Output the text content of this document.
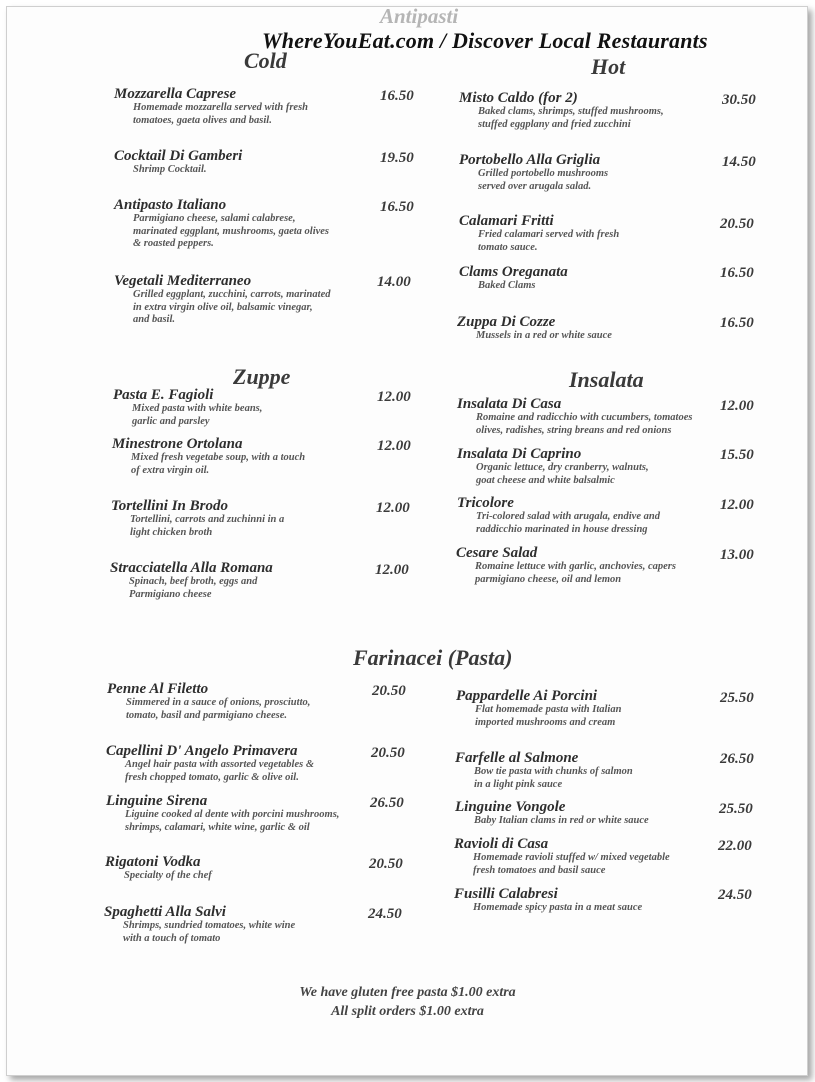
Antipasti
WhereYouEat.com / Discover Local Restaurants
Cold	Hot
Zuppe	Insalata
Farinacei (Pasta)
Mozzarella Caprese
Homemade mozzarella served with fresh
tomatoes, gaeta olives and basil.
16.50
Cocktail Di Gamberi
Shrimp Cocktail.
19.50
Antipasto Italiano
Parmigiano cheese, salami calabrese,
marinated eggplant, mushrooms, gaeta olives
& roasted peppers.
16.50
Vegetali Mediterraneo
Grilled eggplant, zucchini, carrots, marinated
in extra virgin olive oil, balsamic vinegar,
and basil.
14.00
Misto Caldo (for 2)
Baked clams, shrimps, stuffed mushrooms,
stuffed eggplany and fried zucchini
30.50
Portobello Alla Griglia
Grilled portobello mushrooms
served over arugala salad.
14.50
Calamari Fritti
Fried calamari served with fresh
tomato sauce.
20.50
Clams Oreganata
Baked Clams
16.50
Zuppa Di Cozze
Mussels in a red or white sauce
16.50
Pasta E. Fagioli
Mixed pasta with white beans,
garlic and parsley
12.00
Minestrone Ortolana
Mixed fresh vegetabe soup, with a touch
of extra virgin oil.
12.00
Tortellini In Brodo
Tortellini, carrots and zuchinni in a
light chicken broth
12.00
Stracciatella Alla Romana
Spinach, beef broth, eggs and
Parmigiano cheese
12.00
Insalata Di Casa
Romaine and radicchio with cucumbers, tomatoes
olives, radishes, string breans and red onions
12.00
Insalata Di Caprino
Organic lettuce, dry cranberry, walnuts,
goat cheese and white balsalmic
15.50
Tricolore
Tri-colored salad with arugala, endive and
raddicchio marinated in house dressing
12.00
Cesare Salad
Romaine lettuce with garlic, anchovies, capers
parmigiano cheese, oil and lemon
13.00
Penne Al Filetto
Simmered in a sauce of onions, prosciutto,
tomato, basil and parmigiano cheese.
20.50
Capellini D' Angelo Primavera
Angel hair pasta with assorted vegetables &
fresh chopped tomato, garlic & olive oil.
20.50
Linguine Sirena
Liguine cooked al dente with porcini mushrooms,
shrimps, calamari, white wine, garlic & oil
26.50
Rigatoni Vodka
Specialty of the chef
20.50
Spaghetti Alla Salvi
Shrimps, sundried tomatoes, white wine
with a touch of tomato
24.50
Pappardelle Ai Porcini
Flat homemade pasta with Italian
imported mushrooms and cream
25.50
Farfelle al Salmone
Bow tie pasta with chunks of salmon
in a light pink sauce
26.50
Linguine Vongole
Baby Italian clams in red or white sauce
25.50
Ravioli di Casa
Homemade ravioli stuffed w/ mixed vegetable
fresh tomatoes and basil sauce
22.00
Fusilli Calabresi
Homemade spicy pasta in a meat sauce
24.50
We have gluten free pasta $1.00 extra
All split orders $1.00 extra
